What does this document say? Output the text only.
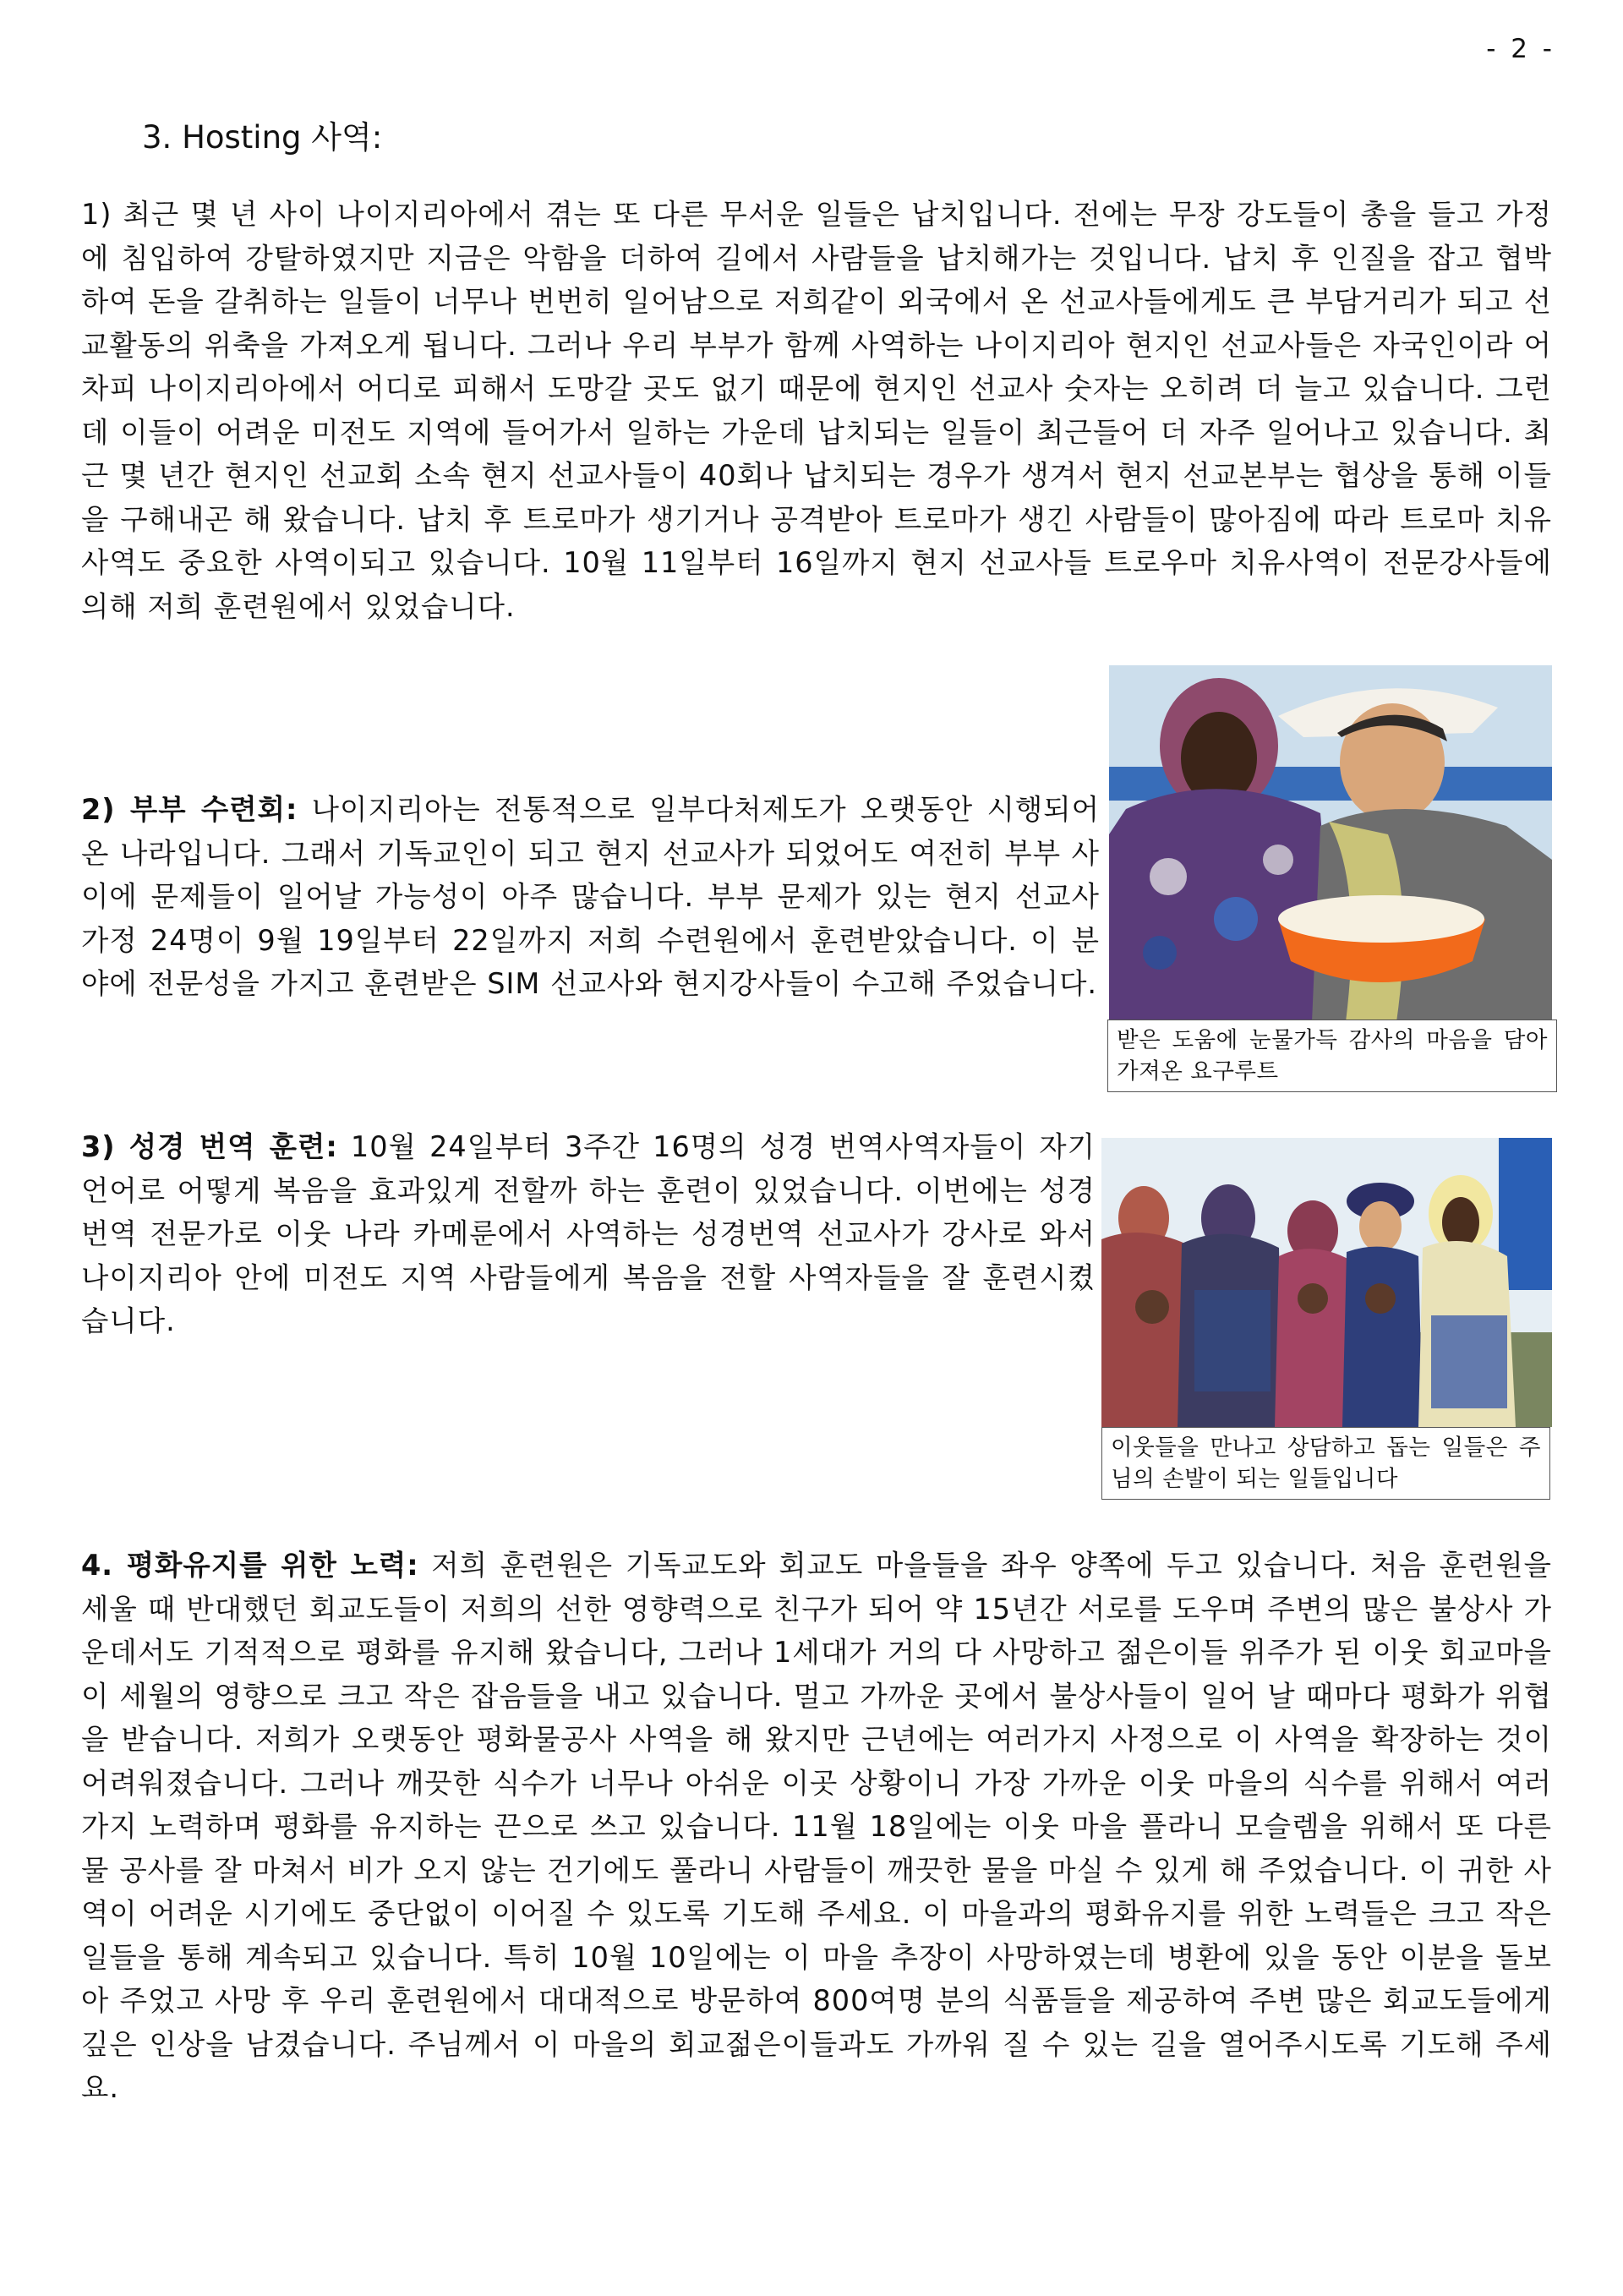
- 2 -
3. Hosting 사역:

1) 최근 몇 년 사이 나이지리아에서 겪는 또 다른 무서운 일들은 납치입니다. 전에는 무장 강도들이 총을 들고 가정에 침입하여 강탈하였지만 지금은 악함을 더하여 길에서 사람들을 납치해가는 것입니다. 납치 후 인질을 잡고 협박하여 돈을 갈취하는 일들이 너무나 번번히 일어남으로 저희같이 외국에서 온 선교사들에게도 큰 부담거리가 되고 선교활동의 위축을 가져오게 됩니다. 그러나 우리 부부가 함께 사역하는 나이지리아 현지인 선교사들은 자국인이라 어차피 나이지리아에서 어디로 피해서 도망갈 곳도 없기 때문에 현지인 선교사 숫자는 오히려 더 늘고 있습니다. 그런데 이들이 어려운 미전도 지역에 들어가서 일하는 가운데 납치되는 일들이 최근들어 더 자주 일어나고 있습니다. 최근 몇 년간 현지인 선교회 소속 현지 선교사들이 40회나 납치되는 경우가 생겨서 현지 선교본부는 협상을 통해 이들을 구해내곤 해 왔습니다. 납치 후 트로마가 생기거나 공격받아 트로마가 생긴 사람들이 많아짐에 따라 트로마 치유사역도 중요한 사역이되고 있습니다. 10월 11일부터 16일까지 현지 선교사들 트로우마 치유사역이 전문강사들에 의해 저희 훈련원에서 있었습니다.

받은 도움에 눈물가득 감사의 마음을 담아 가져온 요구루트

2) 부부 수련회: 나이지리아는 전통적으로 일부다처제도가 오랫동안 시행되어 온 나라입니다. 그래서 기독교인이 되고 현지 선교사가 되었어도 여전히 부부 사이에 문제들이 일어날 가능성이 아주 많습니다. 부부 문제가 있는 현지 선교사 가정 24명이 9월 19일부터 22일까지 저희 수련원에서 훈련받았습니다. 이 분야에 전문성을 가지고 훈련받은 SIM 선교사와 현지강사들이 수고해 주었습니다.

3) 성경 번역 훈련: 10월 24일부터 3주간 16명의 성경 번역사역자들이 자기 언어로 어떻게 복음을 효과있게 전할까 하는 훈련이 있었습니다. 이번에는 성경 번역 전문가로 이웃 나라 카메룬에서 사역하는 성경번역 선교사가 강사로 와서 나이지리아 안에 미전도 지역 사람들에게 복음을 전할 사역자들을 잘 훈련시켰습니다.

이웃들을 만나고 상담하고 돕는 일들은 주님의 손발이 되는 일들입니다

4. 평화유지를 위한 노력: 저희 훈련원은 기독교도와 회교도 마을들을 좌우 양쪽에 두고 있습니다. 처음 훈련원을 세울 때 반대했던 회교도들이 저희의 선한 영향력으로 친구가 되어 약 15년간 서로를 도우며 주변의 많은 불상사 가운데서도 기적적으로 평화를 유지해 왔습니다, 그러나 1세대가 거의 다 사망하고 젊은이들 위주가 된 이웃 회교마을이 세월의 영향으로 크고 작은 잡음들을 내고 있습니다. 멀고 가까운 곳에서 불상사들이 일어 날 때마다 평화가 위협을 받습니다. 저희가 오랫동안 평화물공사 사역을 해 왔지만 근년에는 여러가지 사정으로 이 사역을 확장하는 것이 어려워졌습니다. 그러나 깨끗한 식수가 너무나 아쉬운 이곳 상황이니 가장 가까운 이웃 마을의 식수를 위해서 여러가지 노력하며 평화를 유지하는 끈으로 쓰고 있습니다. 11월 18일에는 이웃 마을 플라니 모슬렘을 위해서 또 다른 물 공사를 잘 마쳐서 비가 오지 않는 건기에도 풀라니 사람들이 깨끗한 물을 마실 수 있게 해 주었습니다. 이 귀한 사역이 어려운 시기에도 중단없이 이어질 수 있도록 기도해 주세요. 이 마을과의 평화유지를 위한 노력들은 크고 작은 일들을 통해 계속되고 있습니다. 특히 10월 10일에는 이 마을 추장이 사망하였는데 병환에 있을 동안 이분을 돌보아 주었고 사망 후 우리 훈련원에서 대대적으로 방문하여 800여명 분의 식품들을 제공하여 주변 많은 회교도들에게 깊은 인상을 남겼습니다. 주님께서 이 마을의 회교젊은이들과도 가까워 질 수 있는 길을 열어주시도록 기도해 주세요.
